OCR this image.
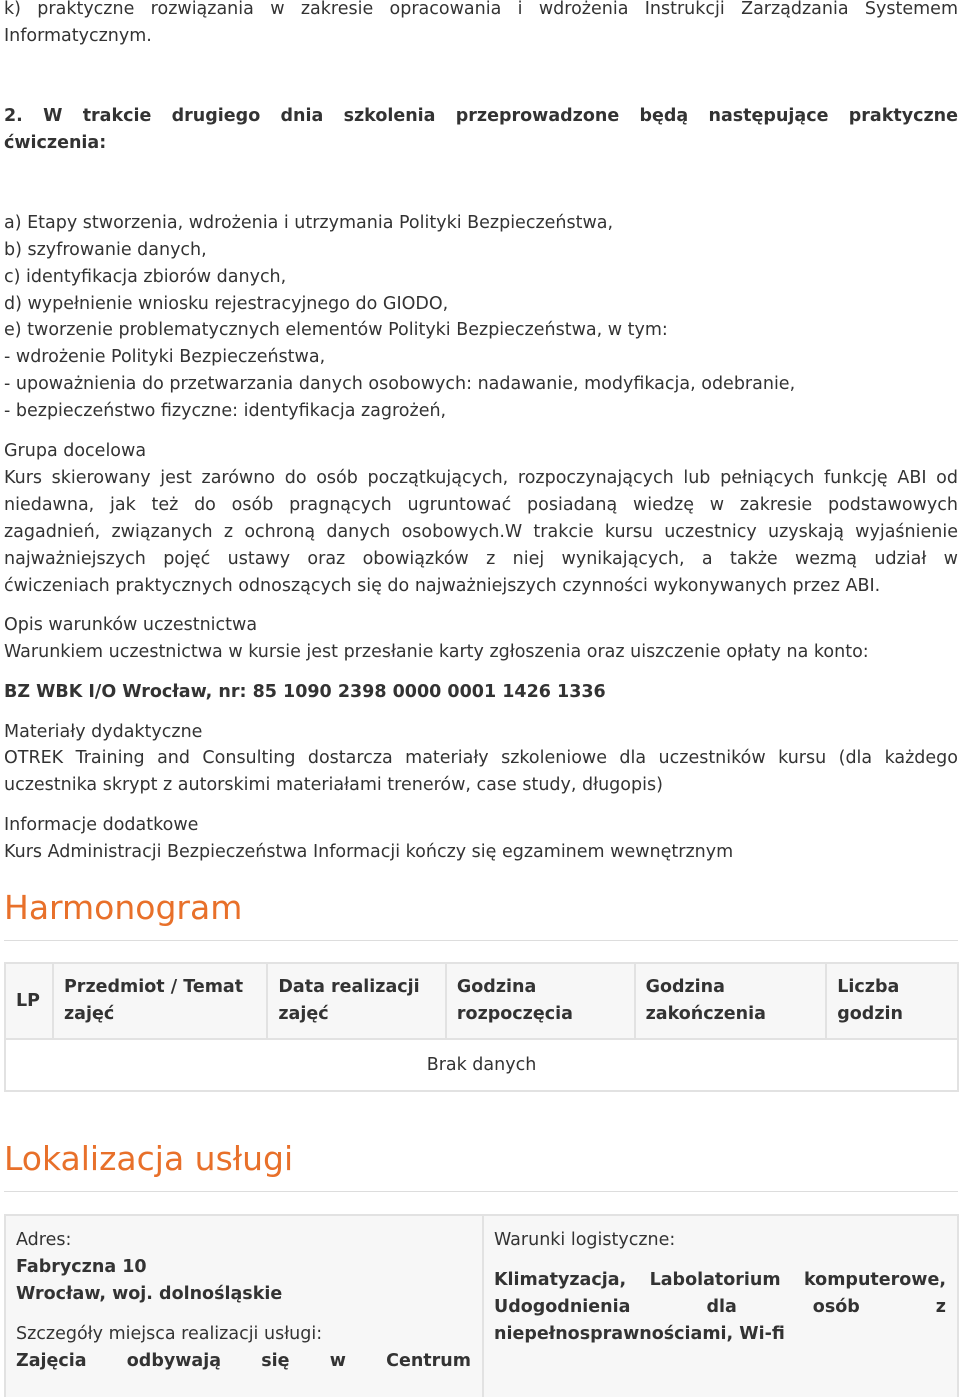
k) praktyczne rozwiązania w zakresie opracowania i wdrożenia Instrukcji Zarządzania Systemem
Informatycznym.
2. W trakcie drugiego dnia szkolenia przeprowadzone będą następujące praktyczne
ćwiczenia:
a) Etapy stworzenia, wdrożenia i utrzymania Polityki Bezpieczeństwa,
b) szyfrowanie danych,
c) identyfikacja zbiorów danych,
d) wypełnienie wniosku rejestracyjnego do GIODO,
e) tworzenie problematycznych elementów Polityki Bezpieczeństwa, w tym:
- wdrożenie Polityki Bezpieczeństwa,
- upoważnienia do przetwarzania danych osobowych: nadawanie, modyfikacja, odebranie,
- bezpieczeństwo fizyczne: identyfikacja zagrożeń,
Grupa docelowa
Kurs skierowany jest zarówno do osób początkujących, rozpoczynających lub pełniących funkcję ABI od
niedawna, jak też do osób pragnących ugruntować posiadaną wiedzę w zakresie podstawowych
zagadnień, związanych z ochroną danych osobowych.W trakcie kursu uczestnicy uzyskają wyjaśnienie
najważniejszych pojęć ustawy oraz obowiązków z niej wynikających, a także wezmą udział w
ćwiczeniach praktycznych odnoszących się do najważniejszych czynności wykonywanych przez ABI.
Opis warunków uczestnictwa
Warunkiem uczestnictwa w kursie jest przesłanie karty zgłoszenia oraz uiszczenie opłaty na konto:
BZ WBK I/O Wrocław, nr: 85 1090 2398 0000 0001 1426 1336
Materiały dydaktyczne
OTREK Training and Consulting dostarcza materiały szkoleniowe dla uczestników kursu (dla każdego
uczestnika skrypt z autorskimi materiałami trenerów, case study, długopis)
Informacje dodatkowe
Kurs Administracji Bezpieczeństwa Informacji kończy się egzaminem wewnętrznym
Harmonogram
LP	Przedmiot / Temat zajęć	Data realizacji zajęć	Godzina rozpoczęcia	Godzina zakończenia	Liczba godzin
Brak danych
Lokalizacja usługi
Adres:
Fabryczna 10
Wrocław, woj. dolnośląskie
Szczegóły miejsca realizacji usługi:
Zajęcia odbywają się w Centrum
Warunki logistyczne:
Klimatyzacja, Labolatorium komputerowe,
Udogodnienia dla osób z
niepełnosprawnościami, Wi-fi
